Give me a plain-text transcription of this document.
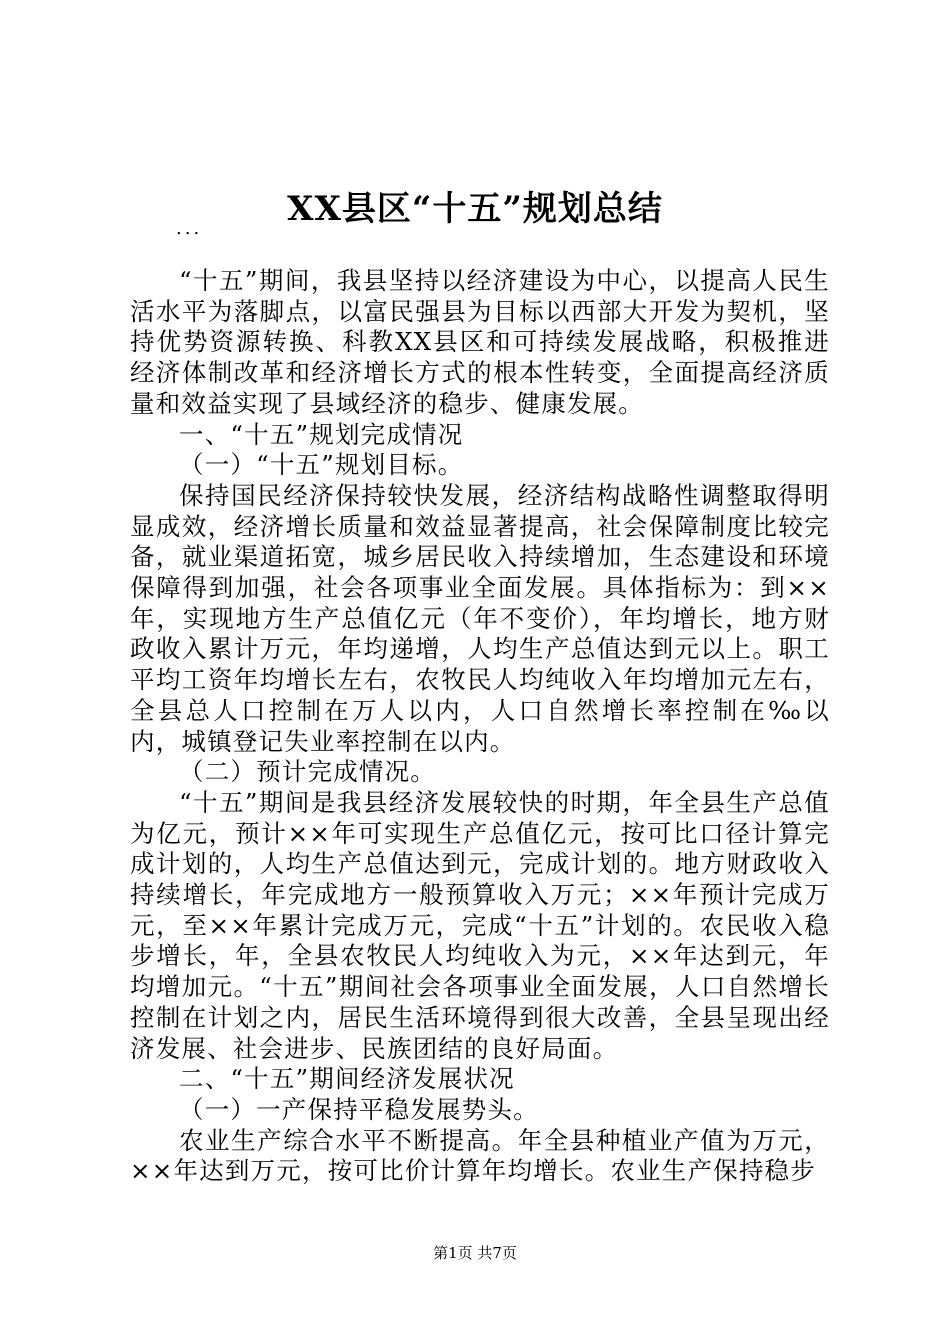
XX县区“十五”规划总结
...

“十五”期间，我县坚持以经济建设为中心，以提高人民生活水平为落脚点，以富民强县为目标以西部大开发为契机，坚持优势资源转换、科教XX县区和可持续发展战略，积极推进经济体制改革和经济增长方式的根本性转变，全面提高经济质量和效益实现了县域经济的稳步、健康发展。

一、“十五”规划完成情况

（一）“十五”规划目标。

保持国民经济保持较快发展，经济结构战略性调整取得明显成效，经济增长质量和效益显著提高，社会保障制度比较完备，就业渠道拓宽，城乡居民收入持续增加，生态建设和环境保障得到加强，社会各项事业全面发展。具体指标为：到××年，实现地方生产总值亿元（年不变价），年均增长，地方财政收入累计万元，年均递增，人均生产总值达到元以上。职工平均工资年均增长左右，农牧民人均纯收入年均增加元左右，全县总人口控制在万人以内，人口自然增长率控制在‰以内，城镇登记失业率控制在以内。

（二）预计完成情况。

“十五”期间是我县经济发展较快的时期，年全县生产总值为亿元，预计××年可实现生产总值亿元，按可比口径计算完成计划的，人均生产总值达到元，完成计划的。地方财政收入持续增长，年完成地方一般预算收入万元；××年预计完成万元，至××年累计完成万元，完成“十五”计划的。农民收入稳步增长，年，全县农牧民人均纯收入为元，××年达到元，年均增加元。“十五”期间社会各项事业全面发展，人口自然增长控制在计划之内，居民生活环境得到很大改善，全县呈现出经济发展、社会进步、民族团结的良好局面。

二、“十五”期间经济发展状况

（一）一产保持平稳发展势头。

农业生产综合水平不断提高。年全县种植业产值为万元，××年达到万元，按可比价计算年均增长。农业生产保持稳步

第1页 共7页
